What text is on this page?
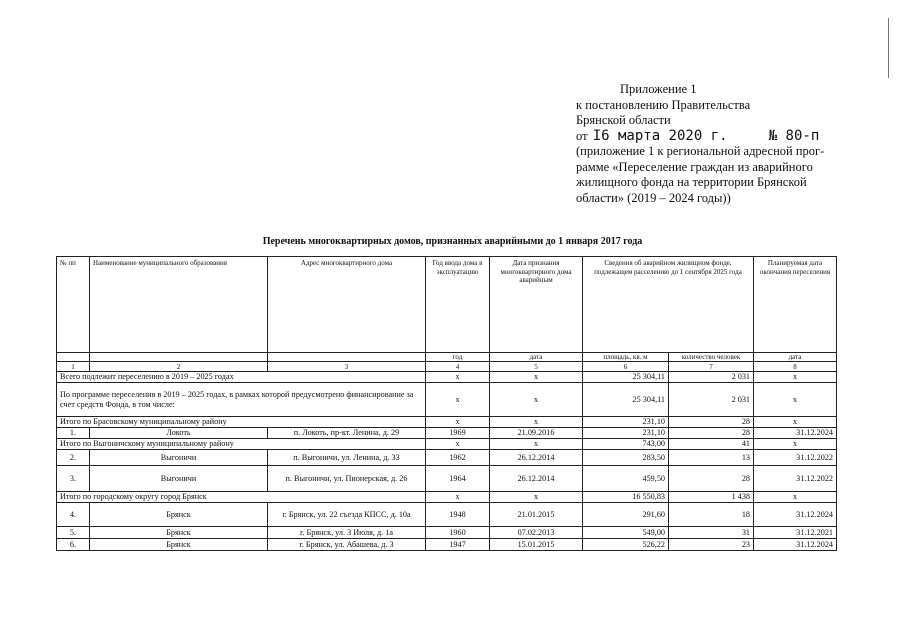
Приложение 1
к постановлению Правительства
Брянской области
от I6 марта 2020 г.	№ 80-п
(приложение 1 к региональной адресной прог-
рамме «Переселение граждан из аварийного
жилищного фонда на территории Брянской
области» (2019 – 2024 годы))
Перечень многоквартирных домов, признанных аварийными до 1 января 2017 года
№ пп	Наименование муниципального образования	Адрес многоквартирного дома	Год ввода дома в эксплуатацию	Дата признания многоквартирного дома аварийным	Сведения об аварийном жилищном фонде, подлежащем расселению до 1 сентября 2025 года		Планируемая дата окончания переселения
			год	дата	площадь, кв. м	количество человек	дата
1	2	3	4	5	6	7	8
Всего подлежит переселению в 2019 – 2025 годах			x	x	25 304,11	2 031	x
По программе переселения в 2019 – 2025 годах, в рамках которой предусмотрено финансирование за счет средств Фонда, в том числе:			x	x	25 304,11	2 031	x
Итого по Брасовскому муниципальному району			x	x	231,10	28	x
1.	Локоть	п. Локоть, пр-кт. Ленина, д. 29	1969	21.09.2016	231,10	28	31.12.2024
Итого по Выгоничскому муниципальному району			x	x	743,00	41	x
2.	Выгоничи	п. Выгоничи, ул. Ленина, д. 33	1962	26.12.2014	283,50	13	31.12.2022
3.	Выгоничи	п. Выгоничи, ул. Пионерская, д. 26	1964	26.12.2014	459,50	28	31.12.2022
Итого по городскому округу город Брянск			x	x	16 550,83	1 438	x
4.	Брянск	г. Брянск, ул. 22 съезда КПСС, д. 10а	1948	21.01.2015	291,60	18	31.12.2024
5.	Брянск	г. Брянск, ул. 3 Июля, д. 1а	1960	07.02.2013	549,00	31	31.12.2021
6.	Брянск	г. Брянск, ул. Абашева, д. 3	1947	15.01.2015	526,22	23	31.12.2024
